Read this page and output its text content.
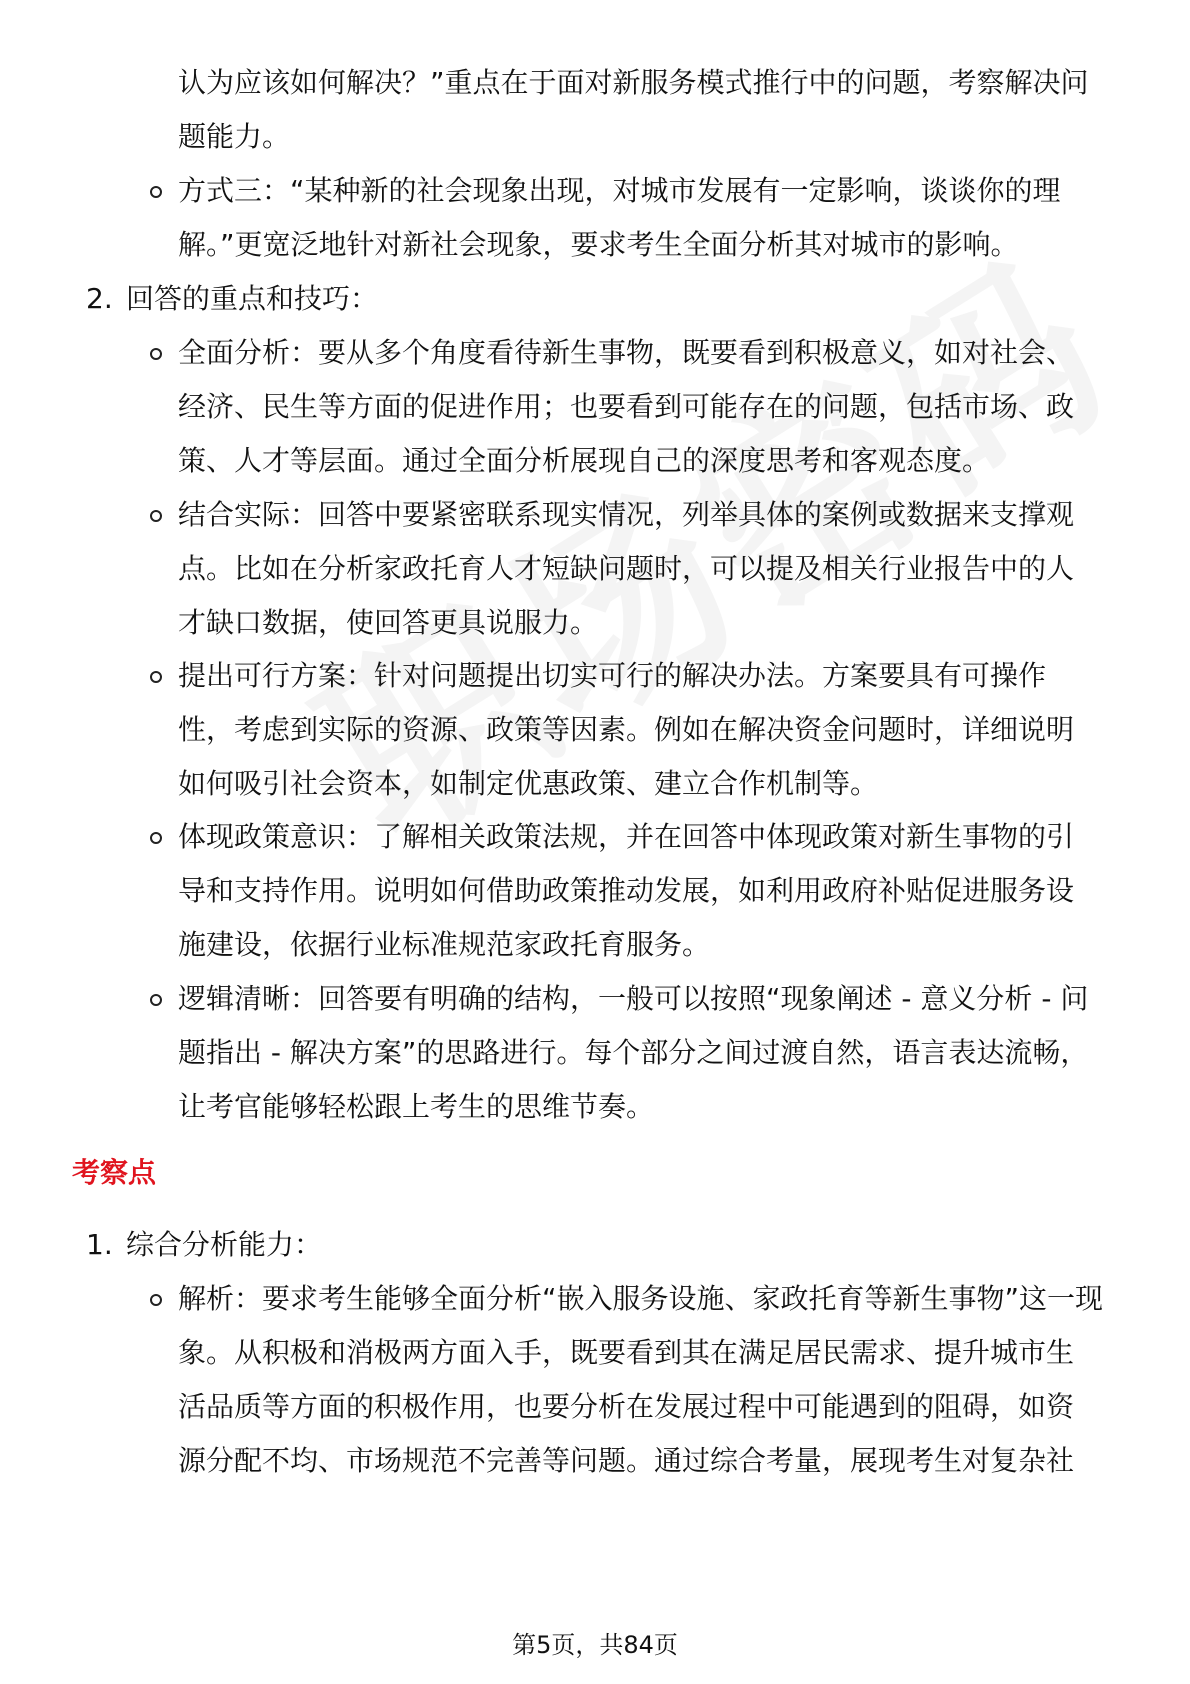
认为应该如何解决？”重点在于面对新服务模式推行中的问题，考察解决问
题能力。
方式三：“某种新的社会现象出现，对城市发展有一定影响，谈谈你的理
解。”更宽泛地针对新社会现象，要求考生全面分析其对城市的影响。
2. 回答的重点和技巧：
全面分析：要从多个角度看待新生事物，既要看到积极意义，如对社会、
经济、民生等方面的促进作用；也要看到可能存在的问题，包括市场、政
策、人才等层面。通过全面分析展现自己的深度思考和客观态度。
结合实际：回答中要紧密联系现实情况，列举具体的案例或数据来支撑观
点。比如在分析家政托育人才短缺问题时，可以提及相关行业报告中的人
才缺口数据，使回答更具说服力。
提出可行方案：针对问题提出切实可行的解决办法。方案要具有可操作
性，考虑到实际的资源、政策等因素。例如在解决资金问题时，详细说明
如何吸引社会资本，如制定优惠政策、建立合作机制等。
体现政策意识：了解相关政策法规，并在回答中体现政策对新生事物的引
导和支持作用。说明如何借助政策推动发展，如利用政府补贴促进服务设
施建设，依据行业标准规范家政托育服务。
逻辑清晰：回答要有明确的结构，一般可以按照“现象阐述 - 意义分析 - 问
题指出 - 解决方案”的思路进行。每个部分之间过渡自然，语言表达流畅，
让考官能够轻松跟上考生的思维节奏。
考察点
1. 综合分析能力：
解析：要求考生能够全面分析“嵌入服务设施、家政托育等新生事物”这一现
象。从积极和消极两方面入手，既要看到其在满足居民需求、提升城市生
活品质等方面的积极作用，也要分析在发展过程中可能遇到的阻碍，如资
源分配不均、市场规范不完善等问题。通过综合考量，展现考生对复杂社
第5页，共84页
